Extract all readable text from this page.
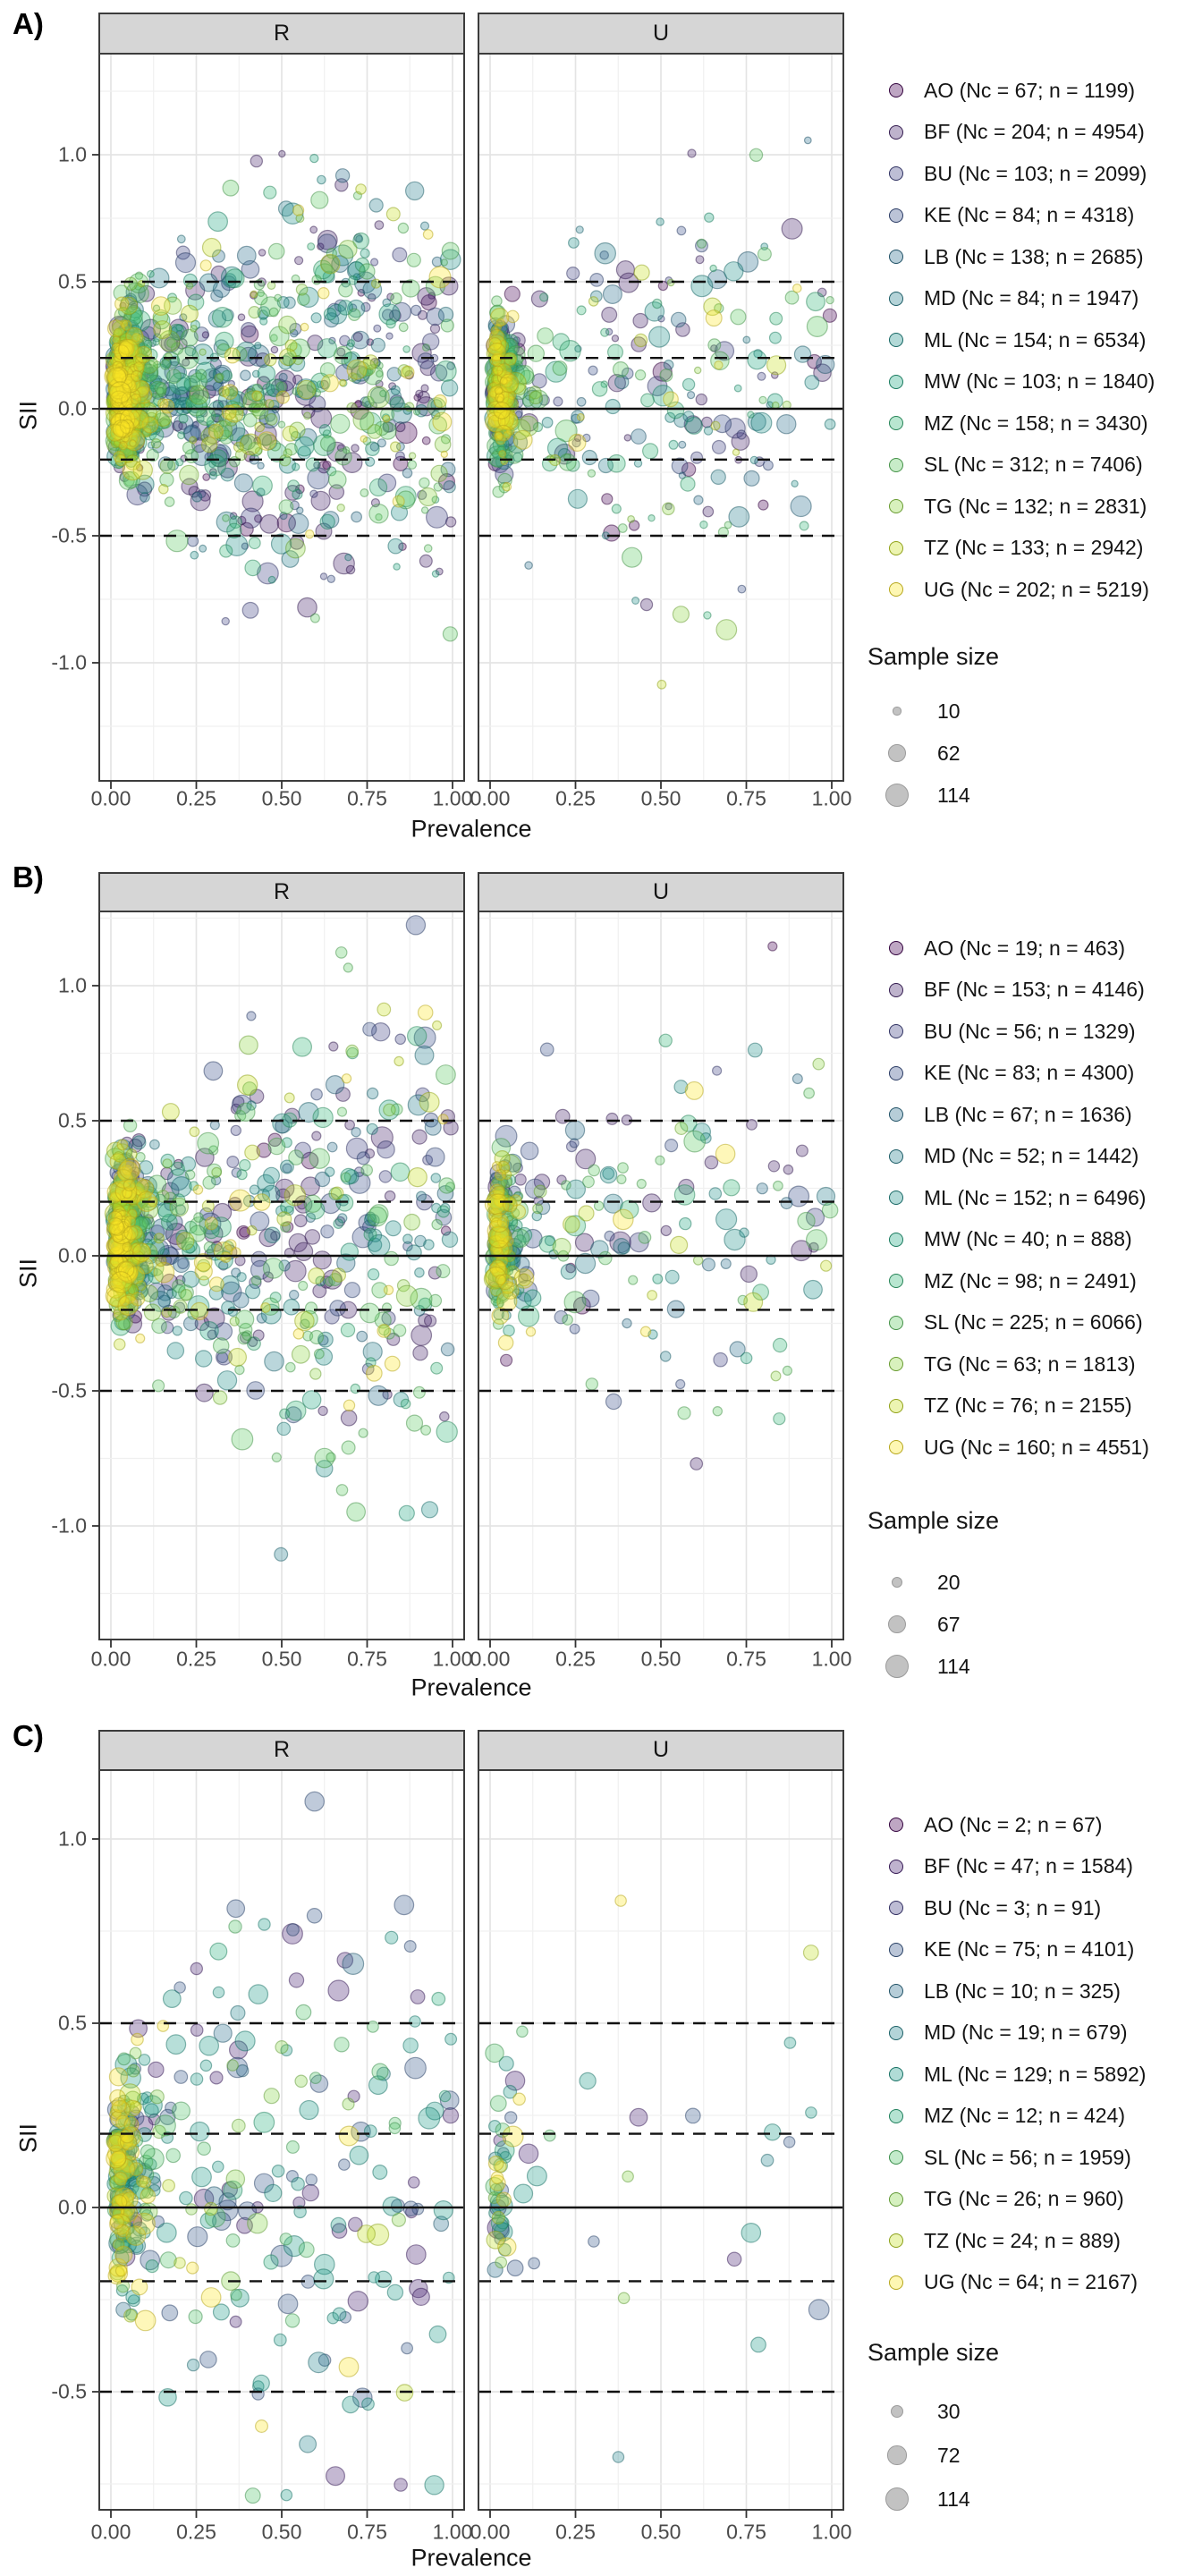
A)	R	U
SII
Prevalence
Sample size
B)	R	U
SII
Prevalence
Sample size
C)	R	U
SII
Prevalence
Sample size
0.00 0.25 0.50 0.75 1.00
0.00 0.25 0.50 0.75 1.00
1.0
0.5
0.0
-0.5
-1.0
AO (Nc = 67; n = 1199)
BF (Nc = 204; n = 4954)
BU (Nc = 103; n = 2099)
KE (Nc = 84; n = 4318)
LB (Nc = 138; n = 2685)
MD (Nc = 84; n = 1947)
ML (Nc = 154; n = 6534)
MW (Nc = 103; n = 1840)
MZ (Nc = 158; n = 3430)
SL (Nc = 312; n = 7406)
TG (Nc = 132; n = 2831)
TZ (Nc = 133; n = 2942)
UG (Nc = 202; n = 5219)
10
62
114
0.00 0.25 0.50 0.75 1.00
0.00 0.25 0.50 0.75 1.00
1.0
0.5
0.0
-0.5
-1.0
AO (Nc = 19; n = 463)
BF (Nc = 153; n = 4146)
BU (Nc = 56; n = 1329)
KE (Nc = 83; n = 4300)
LB (Nc = 67; n = 1636)
MD (Nc = 52; n = 1442)
ML (Nc = 152; n = 6496)
MW (Nc = 40; n = 888)
MZ (Nc = 98; n = 2491)
SL (Nc = 225; n = 6066)
TG (Nc = 63; n = 1813)
TZ (Nc = 76; n = 2155)
UG (Nc = 160; n = 4551)
20
67
114
0.00 0.25 0.50 0.75 1.00
0.00 0.25 0.50 0.75 1.00
1.0
0.5
0.0
-0.5
AO (Nc = 2; n = 67)
BF (Nc = 47; n = 1584)
BU (Nc = 3; n = 91)
KE (Nc = 75; n = 4101)
LB (Nc = 10; n = 325)
MD (Nc = 19; n = 679)
ML (Nc = 129; n = 5892)
MZ (Nc = 12; n = 424)
SL (Nc = 56; n = 1959)
TG (Nc = 26; n = 960)
TZ (Nc = 24; n = 889)
UG (Nc = 64; n = 2167)
30
72
114
